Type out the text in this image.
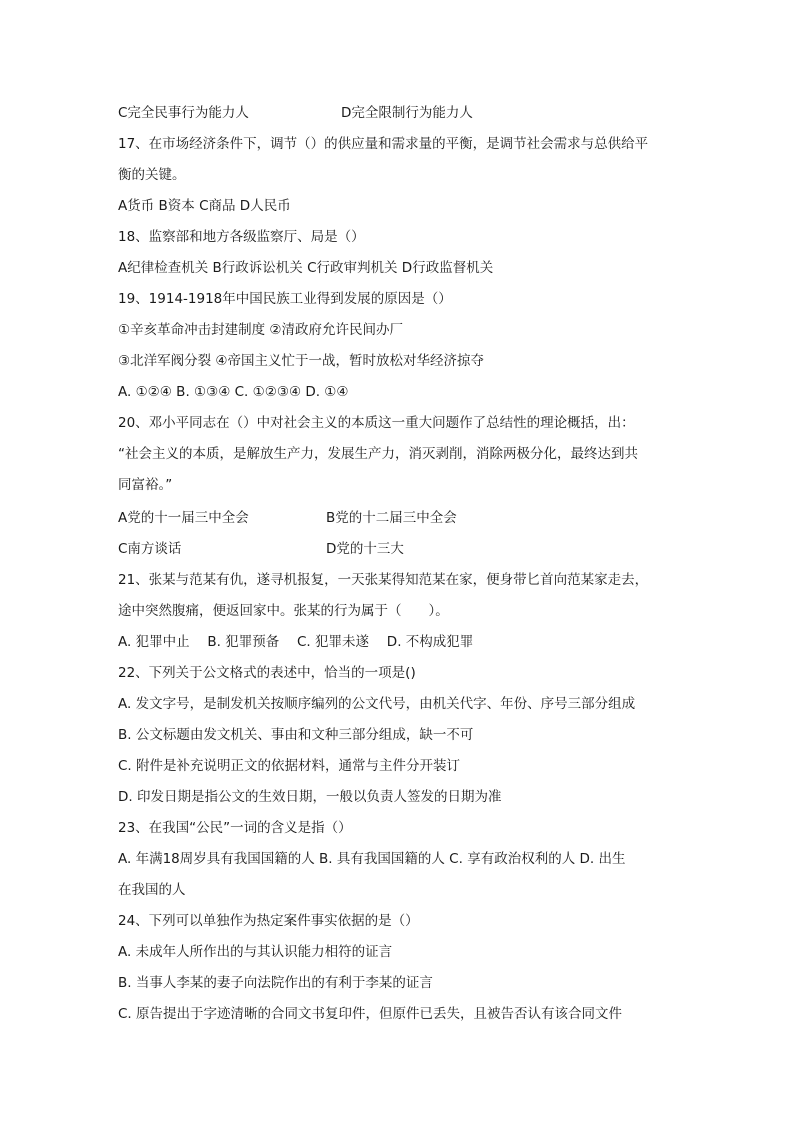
C完全民事行为能力人	D完全限制行为能力人
17、在市场经济条件下，调节（）的供应量和需求量的平衡，是调节社会需求与总供给平
衡的关键。
A货币 B资本 C商品 D人民币
18、监察部和地方各级监察厅、局是（）
A纪律检查机关 B行政诉讼机关 C行政审判机关 D行政监督机关
19、1914-1918年中国民族工业得到发展的原因是（）
①辛亥革命冲击封建制度 ②清政府允许民间办厂
③北洋军阀分裂 ④帝国主义忙于一战，暂时放松对华经济掠夺
A. ①②④ B. ①③④ C. ①②③④ D. ①④
20、邓小平同志在（）中对社会主义的本质这一重大问题作了总结性的理论概括，出：
“社会主义的本质，是解放生产力，发展生产力，消灭剥削，消除两极分化，最终达到共
同富裕。”
A党的十一届三中全会	B党的十二届三中全会
C南方谈话	D党的十三大
21、张某与范某有仇，遂寻机报复，一天张某得知范某在家，便身带匕首向范某家走去，
途中突然腹痛，便返回家中。张某的行为属于（　　）。
A. 犯罪中止　 B. 犯罪预备　 C. 犯罪未遂　 D. 不构成犯罪
22、下列关于公文格式的表述中，恰当的一项是()
A. 发文字号，是制发机关按顺序编列的公文代号，由机关代字、年份、序号三部分组成
B. 公文标题由发文机关、事由和文种三部分组成，缺一不可
C. 附件是补充说明正文的依据材料，通常与主件分开装订
D. 印发日期是指公文的生效日期，一般以负责人签发的日期为准
23、在我国“公民”一词的含义是指（）
A. 年满18周岁具有我国国籍的人 B. 具有我国国籍的人 C. 享有政治权利的人 D. 出生
在我国的人
24、下列可以单独作为热定案件事实依据的是（）
A. 未成年人所作出的与其认识能力相符的证言
B. 当事人李某的妻子向法院作出的有利于李某的证言
C. 原告提出于字迹清晰的合同文书复印件，但原件已丢失，且被告否认有该合同文件
